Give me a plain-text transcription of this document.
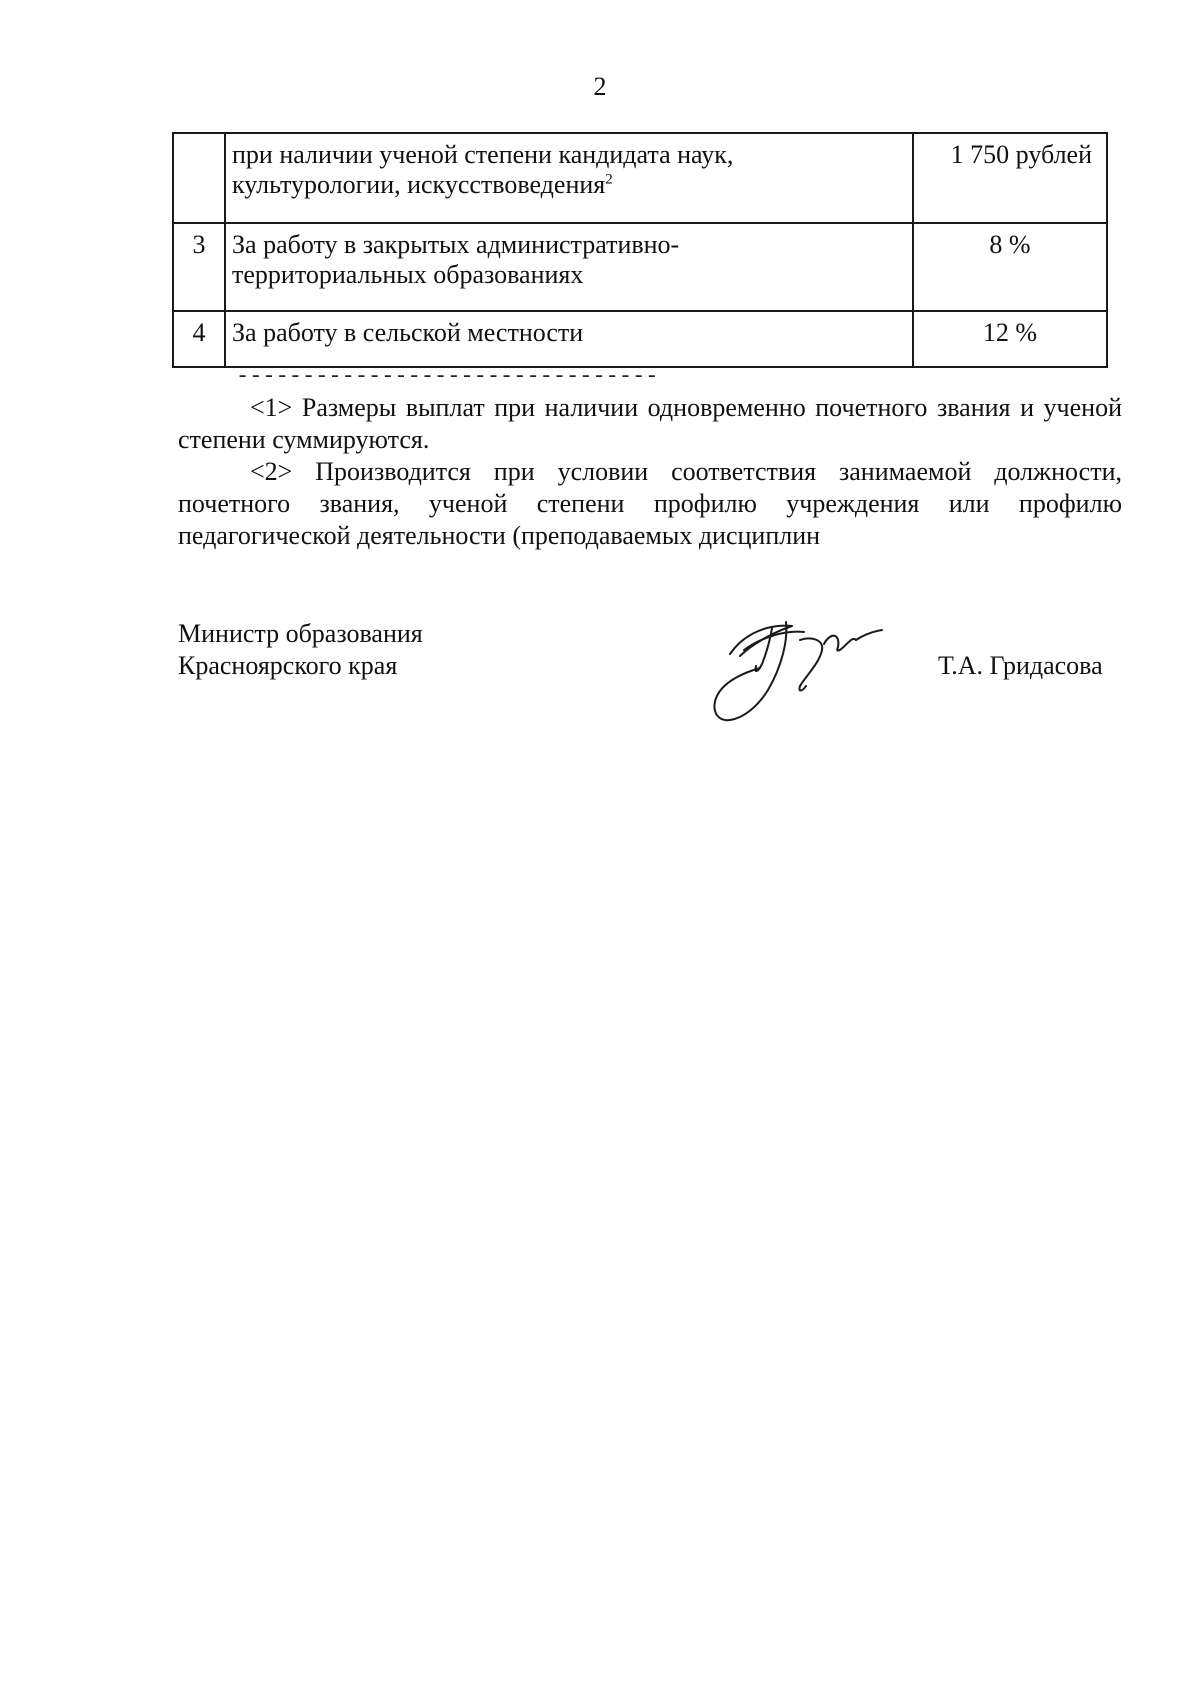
2
	при наличии ученой степени кандидата наук,
культурологии, искусствоведения$^2$	1 750 рублей
3	За работу в закрытых административно-
территориальных образованиях	8 %
4	За работу в сельской местности	12 %
--------------------------------

<1> Размеры выплат при наличии одновременно почетного звания и ученой степени суммируются.

<2> Производится при условии соответствия занимаемой должности, почетного звания, ученой степени профилю учреждения или профилю педагогической деятельности (преподаваемых дисциплин

Министр образования
Красноярского края	Т.А. Гридасова
